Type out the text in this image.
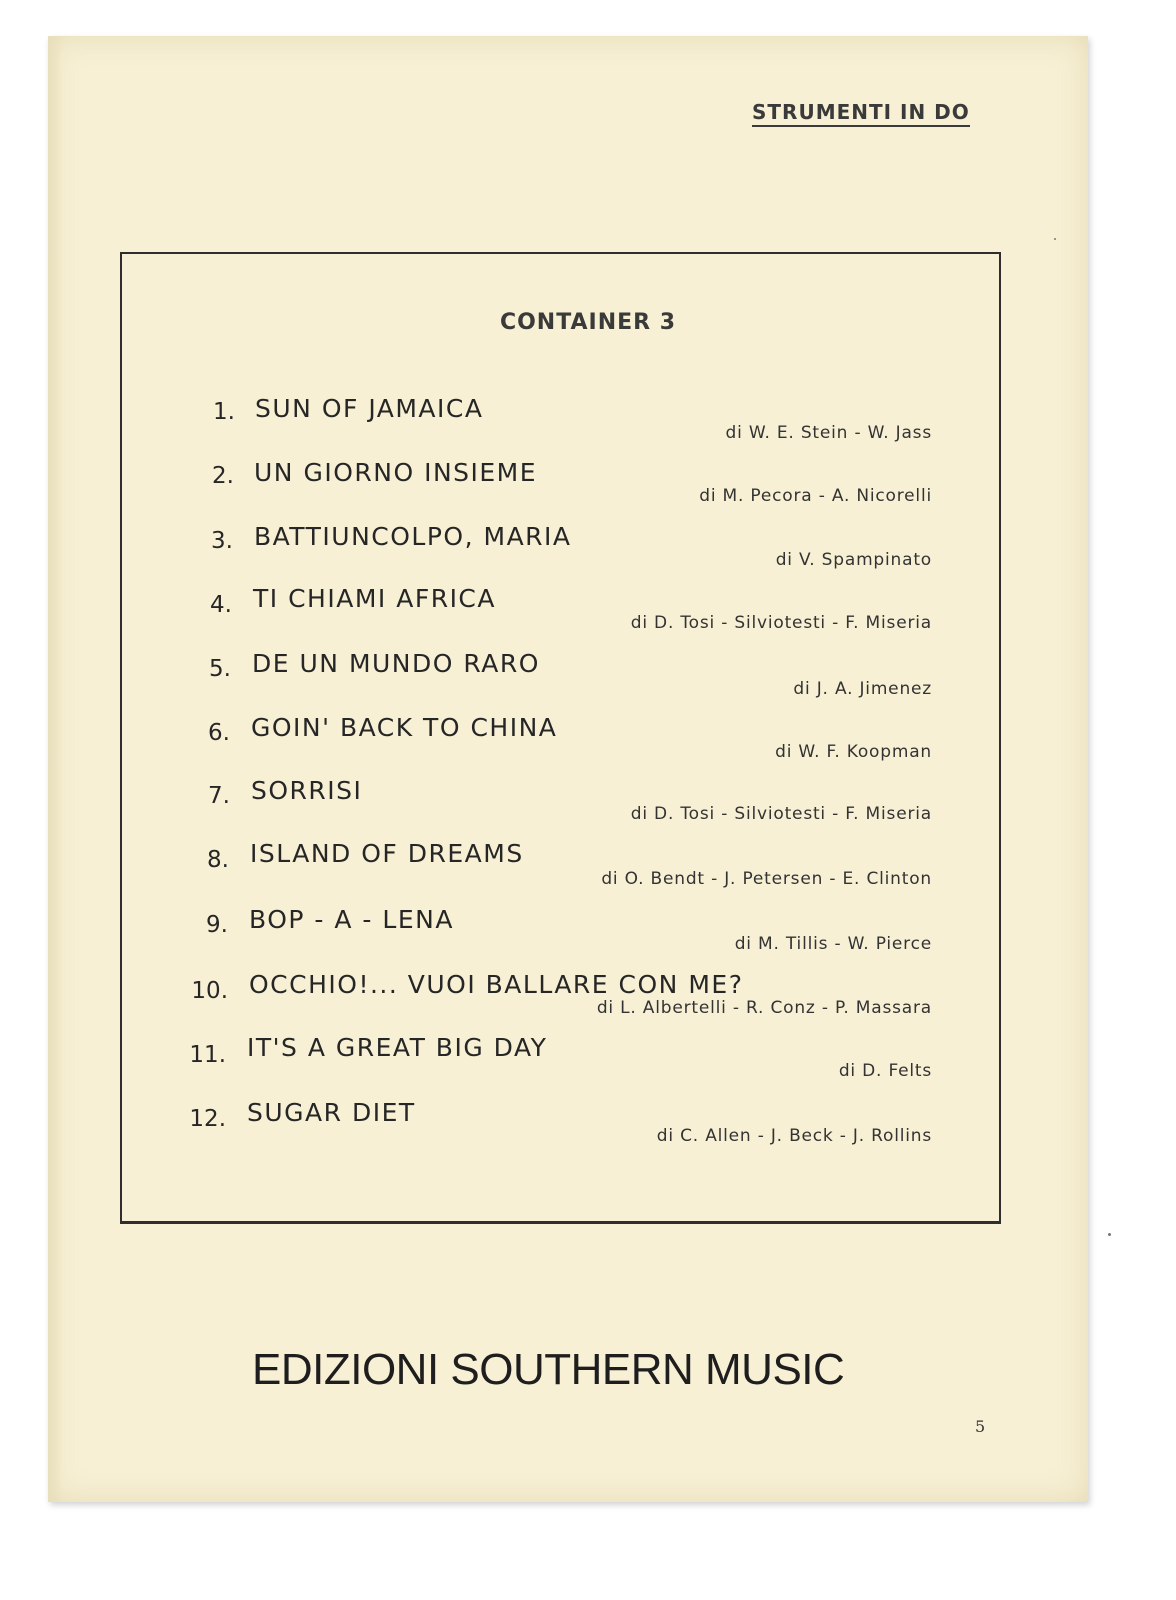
STRUMENTI IN DO
CONTAINER 3
1. SUN OF JAMAICA
di W. E. Stein - W. Jass
2. UN GIORNO INSIEME
di M. Pecora - A. Nicorelli
3. BATTIUNCOLPO, MARIA
di V. Spampinato
4. TI CHIAMI AFRICA
di D. Tosi - Silviotesti - F. Miseria
5. DE UN MUNDO RARO
di J. A. Jimenez
6. GOIN' BACK TO CHINA
di W. F. Koopman
7. SORRISI
di D. Tosi - Silviotesti - F. Miseria
8. ISLAND OF DREAMS
di O. Bendt - J. Petersen - E. Clinton
9. BOP - A - LENA
di M. Tillis - W. Pierce
10. OCCHIO!... VUOI BALLARE CON ME?
di L. Albertelli - R. Conz - P. Massara
11. IT'S A GREAT BIG DAY
di D. Felts
12. SUGAR DIET
di C. Allen - J. Beck - J. Rollins
EDIZIONI SOUTHERN MUSIC
5
